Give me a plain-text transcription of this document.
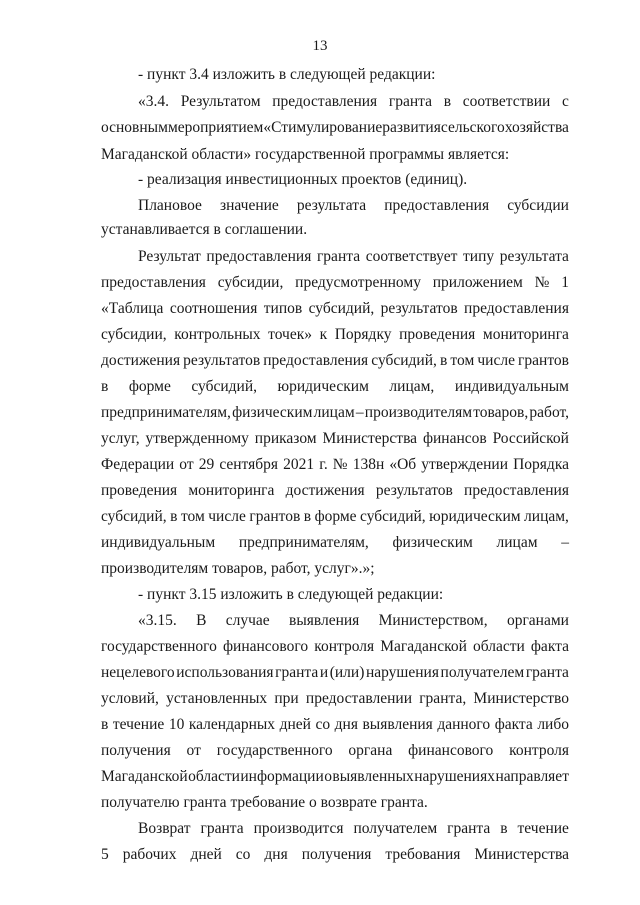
13
- пункт 3.4 изложить в следующей редакции:
«3.4. Результатом предоставления гранта в соответствии с
основным мероприятием «Стимулирование развития сельского хозяйства
Магаданской области» государственной программы является:
- реализация инвестиционных проектов (единиц).
Плановое значение результата предоставления субсидии
устанавливается в соглашении.
Результат предоставления гранта соответствует типу результата
предоставления субсидии, предусмотренному приложением № 1
«Таблица соотношения типов субсидий, результатов предоставления
субсидии, контрольных точек» к Порядку проведения мониторинга
достижения результатов предоставления субсидий, в том числе грантов
в форме субсидий, юридическим лицам, индивидуальным
предпринимателям, физическим лицам – производителям товаров, работ,
услуг, утвержденному приказом Министерства финансов Российской
Федерации от 29 сентября 2021 г. № 138н «Об утверждении Порядка
проведения мониторинга достижения результатов предоставления
субсидий, в том числе грантов в форме субсидий, юридическим лицам,
индивидуальным предпринимателям, физическим лицам –
производителям товаров, работ, услуг».»;
- пункт 3.15 изложить в следующей редакции:
«3.15. В случае выявления Министерством, органами
государственного финансового контроля Магаданской области факта
нецелевого использования гранта и (или) нарушения получателем гранта
условий, установленных при предоставлении гранта, Министерство
в течение 10 календарных дней со дня выявления данного факта либо
получения от государственного органа финансового контроля
Магаданской области информации о выявленных нарушениях направляет
получателю гранта требование о возврате гранта.
Возврат гранта производится получателем гранта в течение
5 рабочих дней со дня получения требования Министерства
